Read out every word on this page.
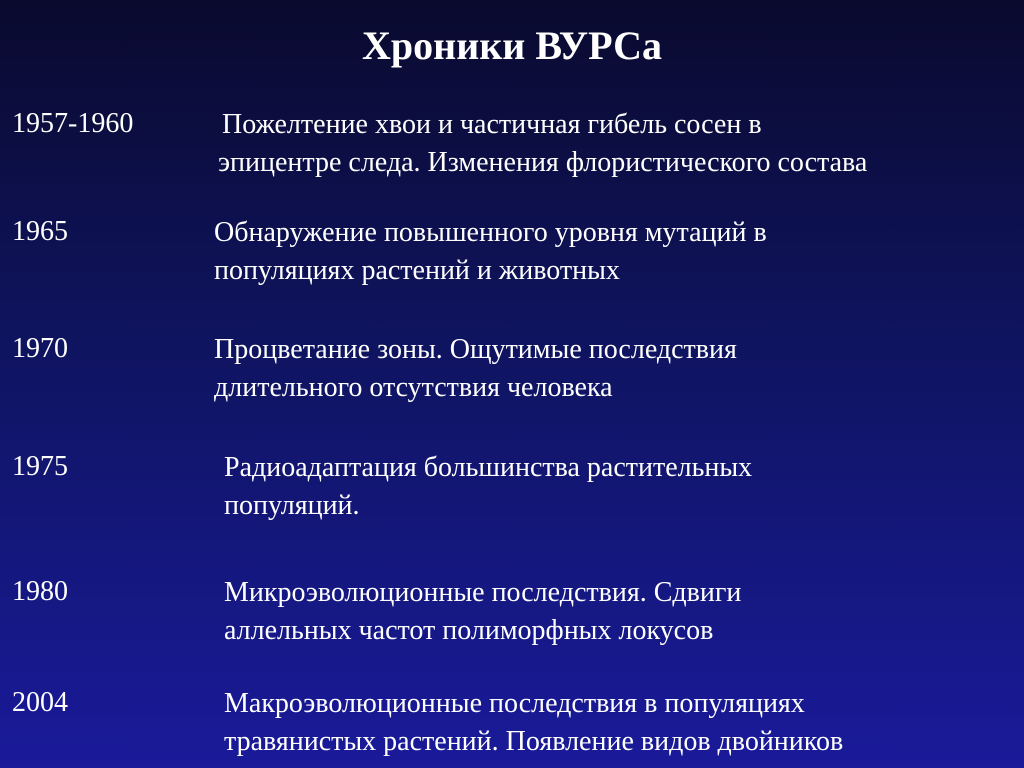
Хроники ВУРСа
1957-1960	Пожелтение хвои и частичная гибель сосен в
эпицентре следа. Изменения флористического состава
1965	Обнаружение повышенного уровня мутаций в
популяциях растений и животных
1970	Процветание зоны. Ощутимые последствия
длительного отсутствия человека
1975	Радиоадаптация большинства растительных
популяций.
1980	Микроэволюционные последствия. Сдвиги
аллельных частот полиморфных локусов
2004	Макроэволюционные последствия в популяциях
травянистых растений. Появление видов двойников
